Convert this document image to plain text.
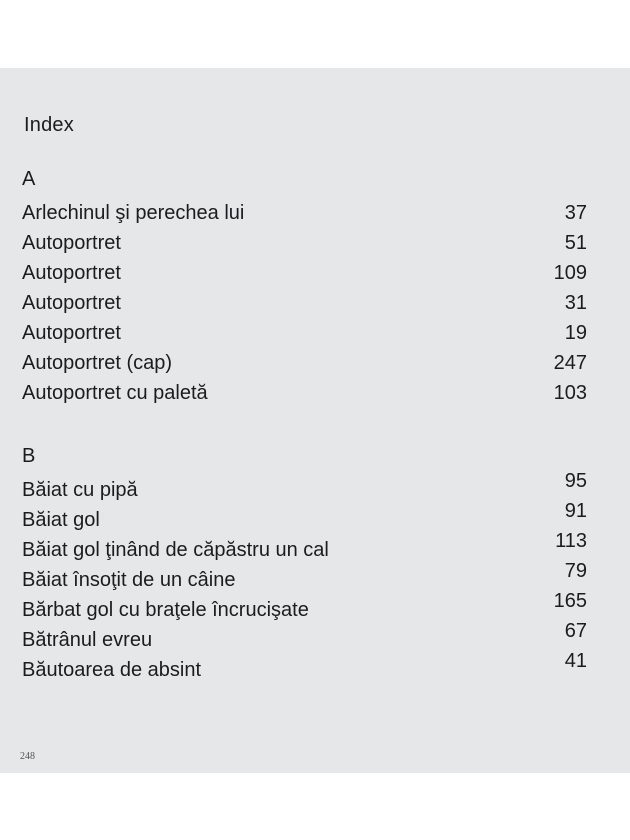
Index
A
Arlechinul şi perechea lui	37
Autoportret	51
Autoportret	109
Autoportret	31
Autoportret	19
Autoportret (cap)	247
Autoportret cu paletă	103
B
Băiat cu pipă	95
Băiat gol	91
Băiat gol ţinând de căpăstru un cal	113
Băiat însoţit de un câine	79
Bărbat gol cu braţele încrucişate	165
Bătrânul evreu	67
Băutoarea de absint	41
248
